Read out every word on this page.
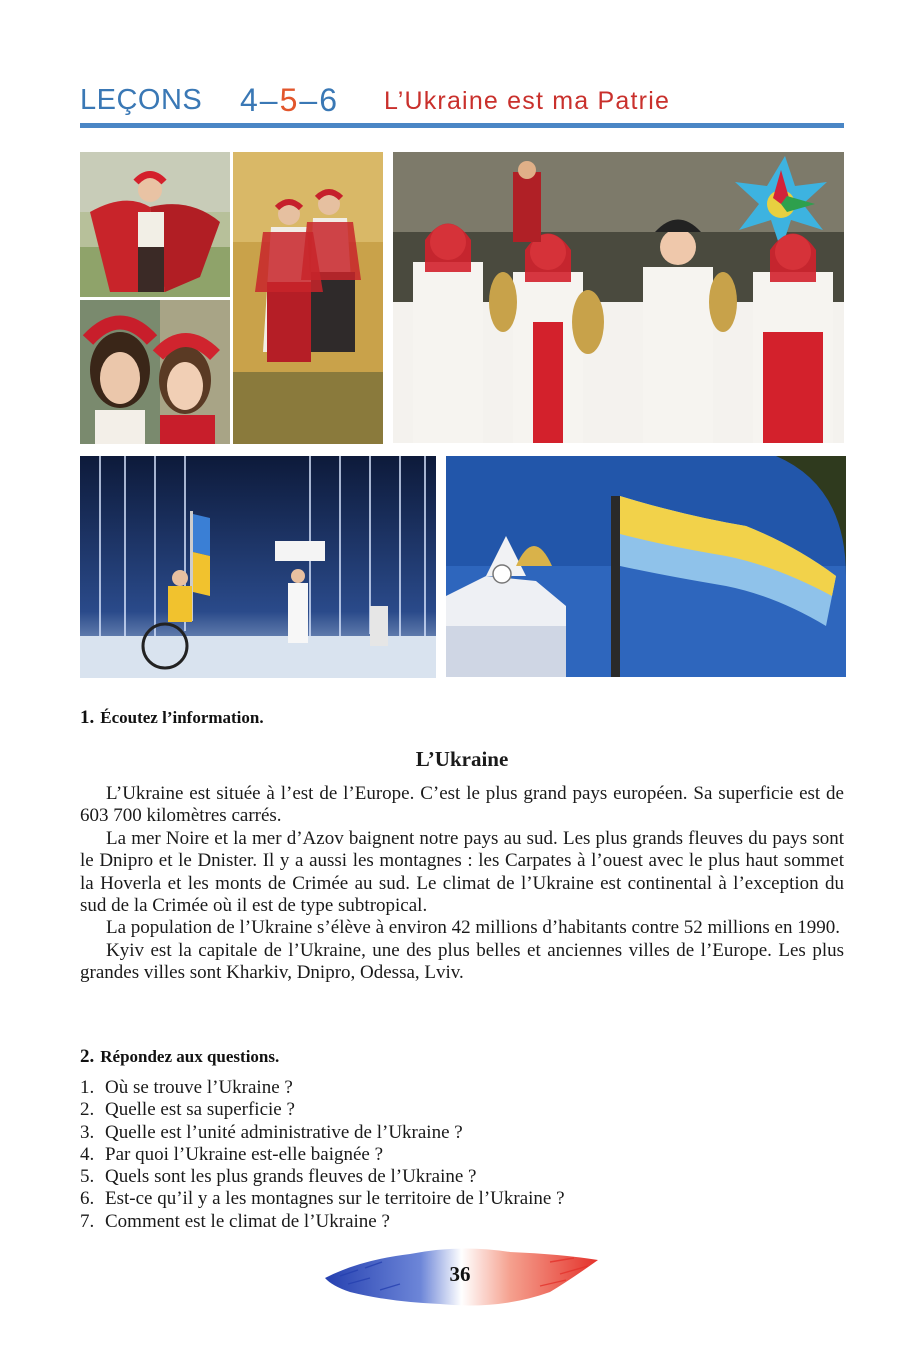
LEÇONS 4–5–6 L’Ukraine est ma Patrie
1. Écoutez l’information.
L’Ukraine

L’Ukraine est située à l’est de l’Europe. C’est le plus grand pays européen. Sa superficie est de 603 700 kilomètres carrés.

La mer Noire et la mer d’Azov baignent notre pays au sud. Les plus grands fleuves du pays sont le Dnipro et le Dnister. Il y a aussi les montagnes : les Carpates à l’ouest avec le plus haut sommet la Hoverla et les monts de Crimée au sud. Le climat de l’Ukraine est continental à l’exception du sud de la Crimée où il est de type subtropical.

La population de l’Ukraine s’élève à environ 42 millions d’habitants contre 52 millions en 1990.

Kyiv est la capitale de l’Ukraine, une des plus belles et anciennes villes de l’Europe. Les plus grandes villes sont Kharkiv, Dnipro, Odessa, Lviv.

2. Répondez aux questions.
1. Où se trouve l’Ukraine ?
2. Quelle est sa superficie ?
3. Quelle est l’unité administrative de l’Ukraine ?
4. Par quoi l’Ukraine est-elle baignée ?
5. Quels sont les plus grands fleuves de l’Ukraine ?
6. Est-ce qu’il y a les montagnes sur le territoire de l’Ukraine ?
7. Comment est le climat de l’Ukraine ?
36
